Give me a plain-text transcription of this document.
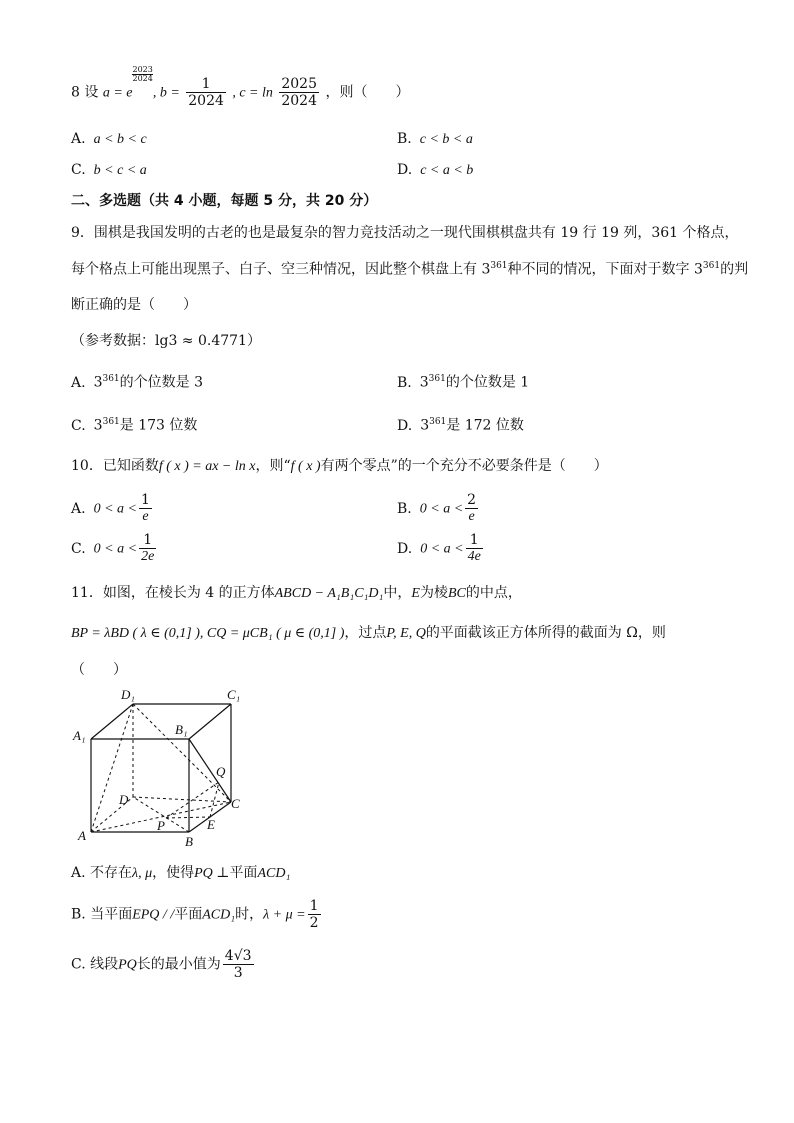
8 设 a = e
$\frac{2023}{2024}$
, $b = \frac{1}{2024}$ , $c = \ln \frac{2025}{2024}$ ，则（　　）
A. a < b < c	B. c < b < a
C. b < c < a	D. c < a < b
二、多选题（共 4 小题，每题 5 分，共 20 分）
9．围棋是我国发明的古老的也是最复杂的智力竞技活动之一现代围棋棋盘共有 19 行 19 列，361 个格点，
每个格点上可能出现黑子、白子、空三种情况，因此整个棋盘上有 $3^{361}$种不同的情况，下面对于数字 $3^{361}$的判
断正确的是（　　）
（参考数据：lg3 ≈ 0.4771）
A. $3^{361}$的个位数是 3	B. $3^{361}$的个位数是 1
C. $3^{361}$是 173 位数	D. $3^{361}$是 172 位数
10．已知函数f ( x ) = ax − ln x，则“f ( x )有两个零点”的一个充分不必要条件是（　　）
A. $0 < a < \frac{1}{e}$	B. $0 < a < \frac{2}{e}$
C. $0 < a < \frac{1}{2e}$	D. $0 < a < \frac{1}{4e}$
11．如图，在棱长为 4 的正方体ABCD − A₁B₁C₁D₁中，E为棱BC的中点，
BP = λBD ( λ ∈ (0,1] ), CQ = μCB₁ ( μ ∈ (0,1] )，过点P, E, Q的平面截该正方体所得的截面为 Ω，则
（　　）
D₁	C₁
A₁	B₁
Q
D	C
E
P
A	B
A. 不存在λ, μ，使得PQ ⊥平面ACD₁
B. 当平面EPQ / /平面ACD₁时，$\lambda + \mu = \frac{1}{2}$
C. 线段PQ长的最小值为 $\frac{4√3}{3}$
